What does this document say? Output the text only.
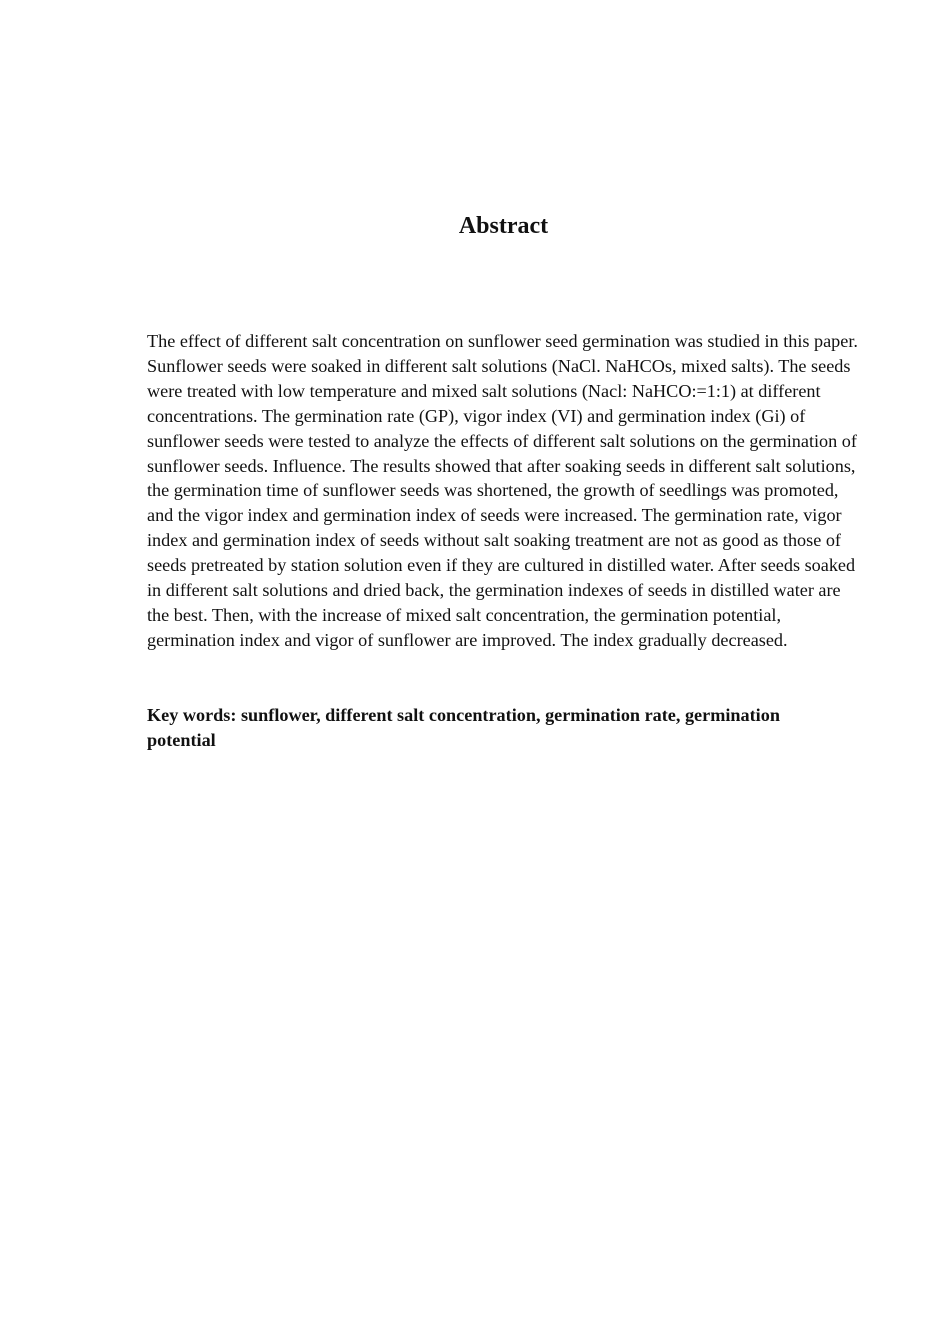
Abstract

The effect of different salt concentration on sunflower seed germination was studied in this paper. Sunflower seeds were soaked in different salt solutions (NaCl. NaHCOs, mixed salts). The seeds were treated with low temperature and mixed salt solutions (Nacl: NaHCO:=1:1) at different concentrations. The germination rate (GP), vigor index (VI) and germination index (Gi) of sunflower seeds were tested to analyze the effects of different salt solutions on the germination of sunflower seeds. Influence. The results showed that after soaking seeds in different salt solutions, the germination time of sunflower seeds was shortened, the growth of seedlings was promoted, and the vigor index and germination index of seeds were increased. The germination rate, vigor index and germination index of seeds without salt soaking treatment are not as good as those of seeds pretreated by station solution even if they are cultured in distilled water. After seeds soaked in different salt solutions and dried back, the germination indexes of seeds in distilled water are the best. Then, with the increase of mixed salt concentration, the germination potential, germination index and vigor of sunflower are improved. The index gradually decreased.

Key words: sunflower, different salt concentration, germination rate, germination potential
